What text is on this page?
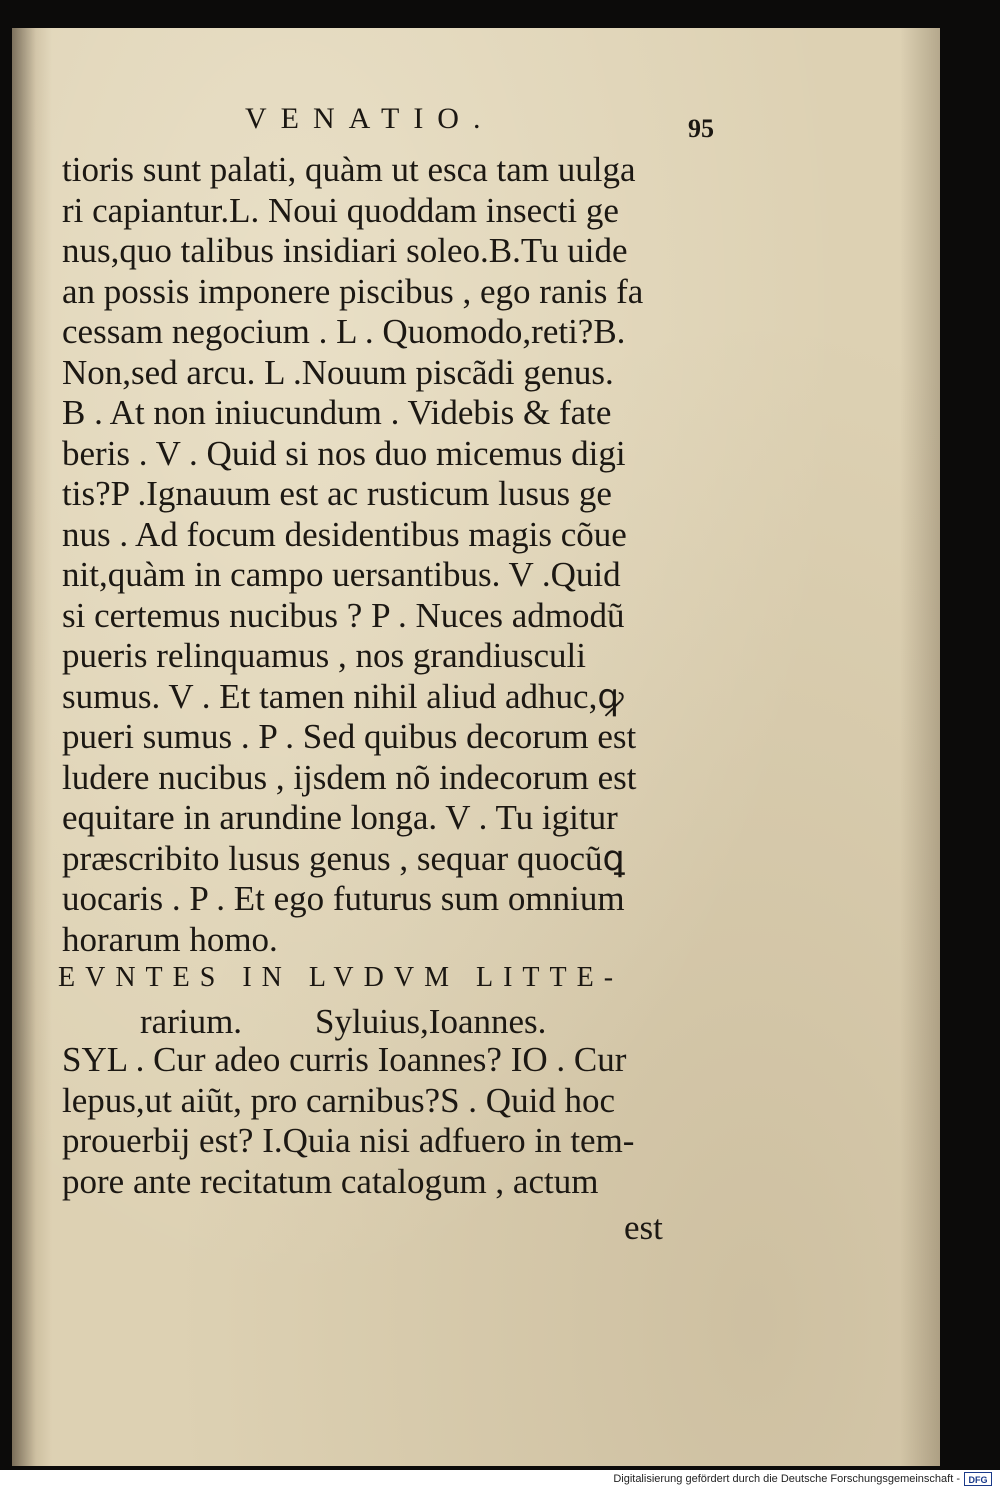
VENATIO.	95
tioris sunt palati, quàm ut esca tam uulga
ri capiantur.L. Noui quoddam insecti ge
nus,quo talibus insidiari soleo.B.Tu uide
an possis imponere piscibus , ego ranis fa
cessam negocium . L . Quomodo,reti?B.
Non,sed arcu. L .Nouum piscãdi genus.
B . At non iniucundum . Videbis & fate
beris . V . Quid si nos duo micemus digi
tis?P .Ignauum est ac rusticum lusus ge
nus . Ad focum desidentibus magis cõue
nit,quàm in campo uersantibus. V .Quid
si certemus nucibus ? P . Nuces admodũ
pueris relinquamus , nos grandiusculi
sumus. V . Et tamen nihil aliud adhuc,ꝙ
pueri sumus . P . Sed quibus decorum est
ludere nucibus , ijsdem nõ indecorum est
equitare in arundine longa. V . Tu igitur
præscribito lusus genus , sequar quocũꝗ
uocaris . P . Et ego futurus sum omnium
horarum homo.
EVNTES IN LVDVM LITTE-
rarium. Syluius,Ioannes.
SYL . Cur adeo curris Ioannes? IO . Cur
lepus,ut aiũt, pro carnibus?S . Quid hoc
prouerbij est? I.Quia nisi adfuero in tem-
pore ante recitatum catalogum , actum
est
Digitalisierung gefördert durch die Deutsche Forschungsgemeinschaft - DFG
